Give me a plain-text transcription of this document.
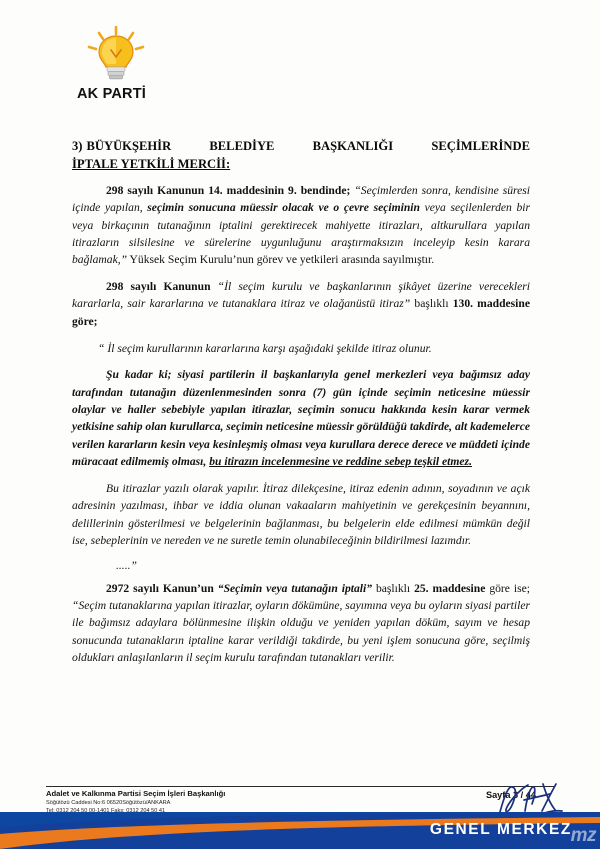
AK PARTİ
3) BÜYÜKŞEHİR BELEDİYE BAŞKANLIĞI SEÇİMLERİNDE
İPTALE YETKİLİ MERCİİ:

298 sayılı Kanunun 14. maddesinin 9. bendinde; “Seçimlerden sonra, kendisine süresi içinde yapılan, seçimin sonucuna müessir olacak ve o çevre seçiminin veya seçilenlerden bir veya birkaçının tutanağının iptalini gerektirecek mahiyette itirazları, altkurullara yapılan itirazların silsilesine ve sürelerine uygunluğunu araştırmaksızın inceleyip kesin karara bağlamak,” Yüksek Seçim Kurulu’nun görev ve yetkileri arasında sayılmıştır.

298 sayılı Kanunun “İl seçim kurulu ve başkanlarının şikâyet üzerine verecekleri kararlarla, sair kararlarına ve tutanaklara itiraz ve olağanüstü itiraz” başlıklı 130. maddesine göre;

“ İl seçim kurullarının kararlarına karşı aşağıdaki şekilde itiraz olunur.

Şu kadar ki; siyasi partilerin il başkanlarıyla genel merkezleri veya bağımsız aday tarafından tutanağın düzenlenmesinden sonra (7) gün içinde seçimin neticesine müessir olaylar ve haller sebebiyle yapılan itirazlar, seçimin sonucu hakkında kesin karar vermek yetkisine sahip olan kurullarca, seçimin neticesine müessir görüldüğü takdirde, alt kademelerce verilen kararların kesin veya kesinleşmiş olması veya kurullara derece derece ve müddeti içinde müracaat edilmemiş olması, bu itirazın incelenmesine ve reddine sebep teşkil etmez.

Bu itirazlar yazılı olarak yapılır. İtiraz dilekçesine, itiraz edenin adının, soyadının ve açık adresinin yazılması, ihbar ve iddia olunan vakaaların mahiyetinin ve gerekçesinin beyannını, delillerinin gösterilmesi ve belgelerinin bağlanması, bu belgelerin elde edilmesi mümkün değil ise, sebeplerinin ve nereden ve ne suretle temin olunabileceğinin bildirilmesi lazımdır.

.....”

2972 sayılı Kanun’un “Seçimin veya tutanağın iptali” başlıklı 25. maddesine göre ise; “Seçim tutanaklarına yapılan itirazlar, oyların dökümüne, sayımına veya bu oyların siyasi partiler ile bağımsız adaylara bölünmesine ilişkin olduğu ve yeniden yapılan döküm, sayım ve hesap sonucunda tutanakların iptaline karar verildiği takdirde, bu yeni işlem sonucuna göre, seçilmiş oldukları anlaşılanların il seçim kurulu tarafından tutanakları verilir.

Adalet ve Kalkınma Partisi Seçim İşleri Başkanlığı
Söğütözü Caddesi No:6 06520Söğütözü/ANKARA
Sayfa 3 / 44
GENEL MERKEZ
mz
